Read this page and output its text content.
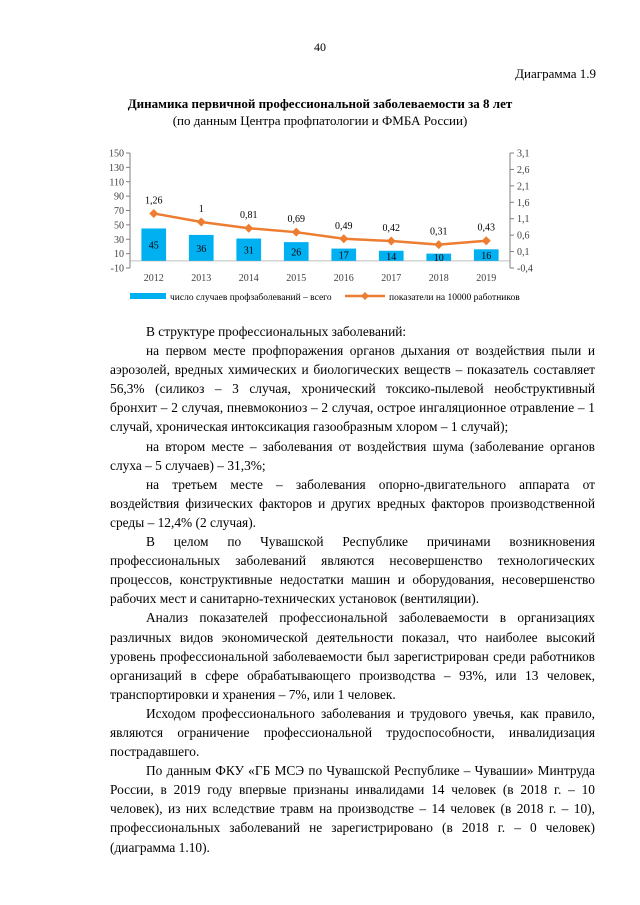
40
Диаграмма 1.9
Динамика первичной профессиональной заболеваемости за 8 лет
(по данным Центра профпатологии и ФМБА России)
-10
10
30
50
70
90
110
130
150
-0,4
0,1
0,6
1,1
1,6
2,1
2,6
3,1
45	36	31	26	17	14	10	16
2012	2013	2014	2015	2016	2017	2018	2019
1,26
1
0,81	0,69
0,49	0,42	0,31	0,43
число случаев профзаболеваний – всего	показатели на 10000 работников

В структуре профессиональных заболеваний:

на первом месте профпоражения органов дыхания от воздействия пыли и аэрозолей, вредных химических и биологических веществ – показатель составляет 56,3% (силикоз – 3 случая, хронический токсико-пылевой необструктивный бронхит – 2 случая, пневмокониоз – 2 случая, острое ингаляционное отравление – 1 случай, хроническая интоксикация газообразным хлором – 1 случай);

на втором месте – заболевания от воздействия шума (заболевание органов слуха – 5 случаев) – 31,3%;

на третьем месте – заболевания опорно-двигательного аппарата от воздействия физических факторов и других вредных факторов производственной среды – 12,4% (2 случая).

В целом по Чувашской Республике причинами возникновения профессиональных заболеваний являются несовершенство технологических процессов, конструктивные недостатки машин и оборудования, несовершенство рабочих мест и санитарно-технических установок (вентиляции).

Анализ показателей профессиональной заболеваемости в организациях различных видов экономической деятельности показал, что наиболее высокий уровень профессиональной заболеваемости был зарегистрирован среди работников организаций в сфере обрабатывающего производства – 93%, или 13 человек, транспортировки и хранения – 7%, или 1 человек.

Исходом профессионального заболевания и трудового увечья, как правило, являются ограничение профессиональной трудоспособности, инвалидизация пострадавшего.

По данным ФКУ «ГБ МСЭ по Чувашской Республике – Чувашии» Минтруда России, в 2019 году впервые признаны инвалидами 14 человек (в 2018 г. – 10 человек), из них вследствие травм на производстве – 14 человек (в 2018 г. – 10), профессиональных заболеваний не зарегистрировано (в 2018 г. – 0 человек) (диаграмма 1.10).
